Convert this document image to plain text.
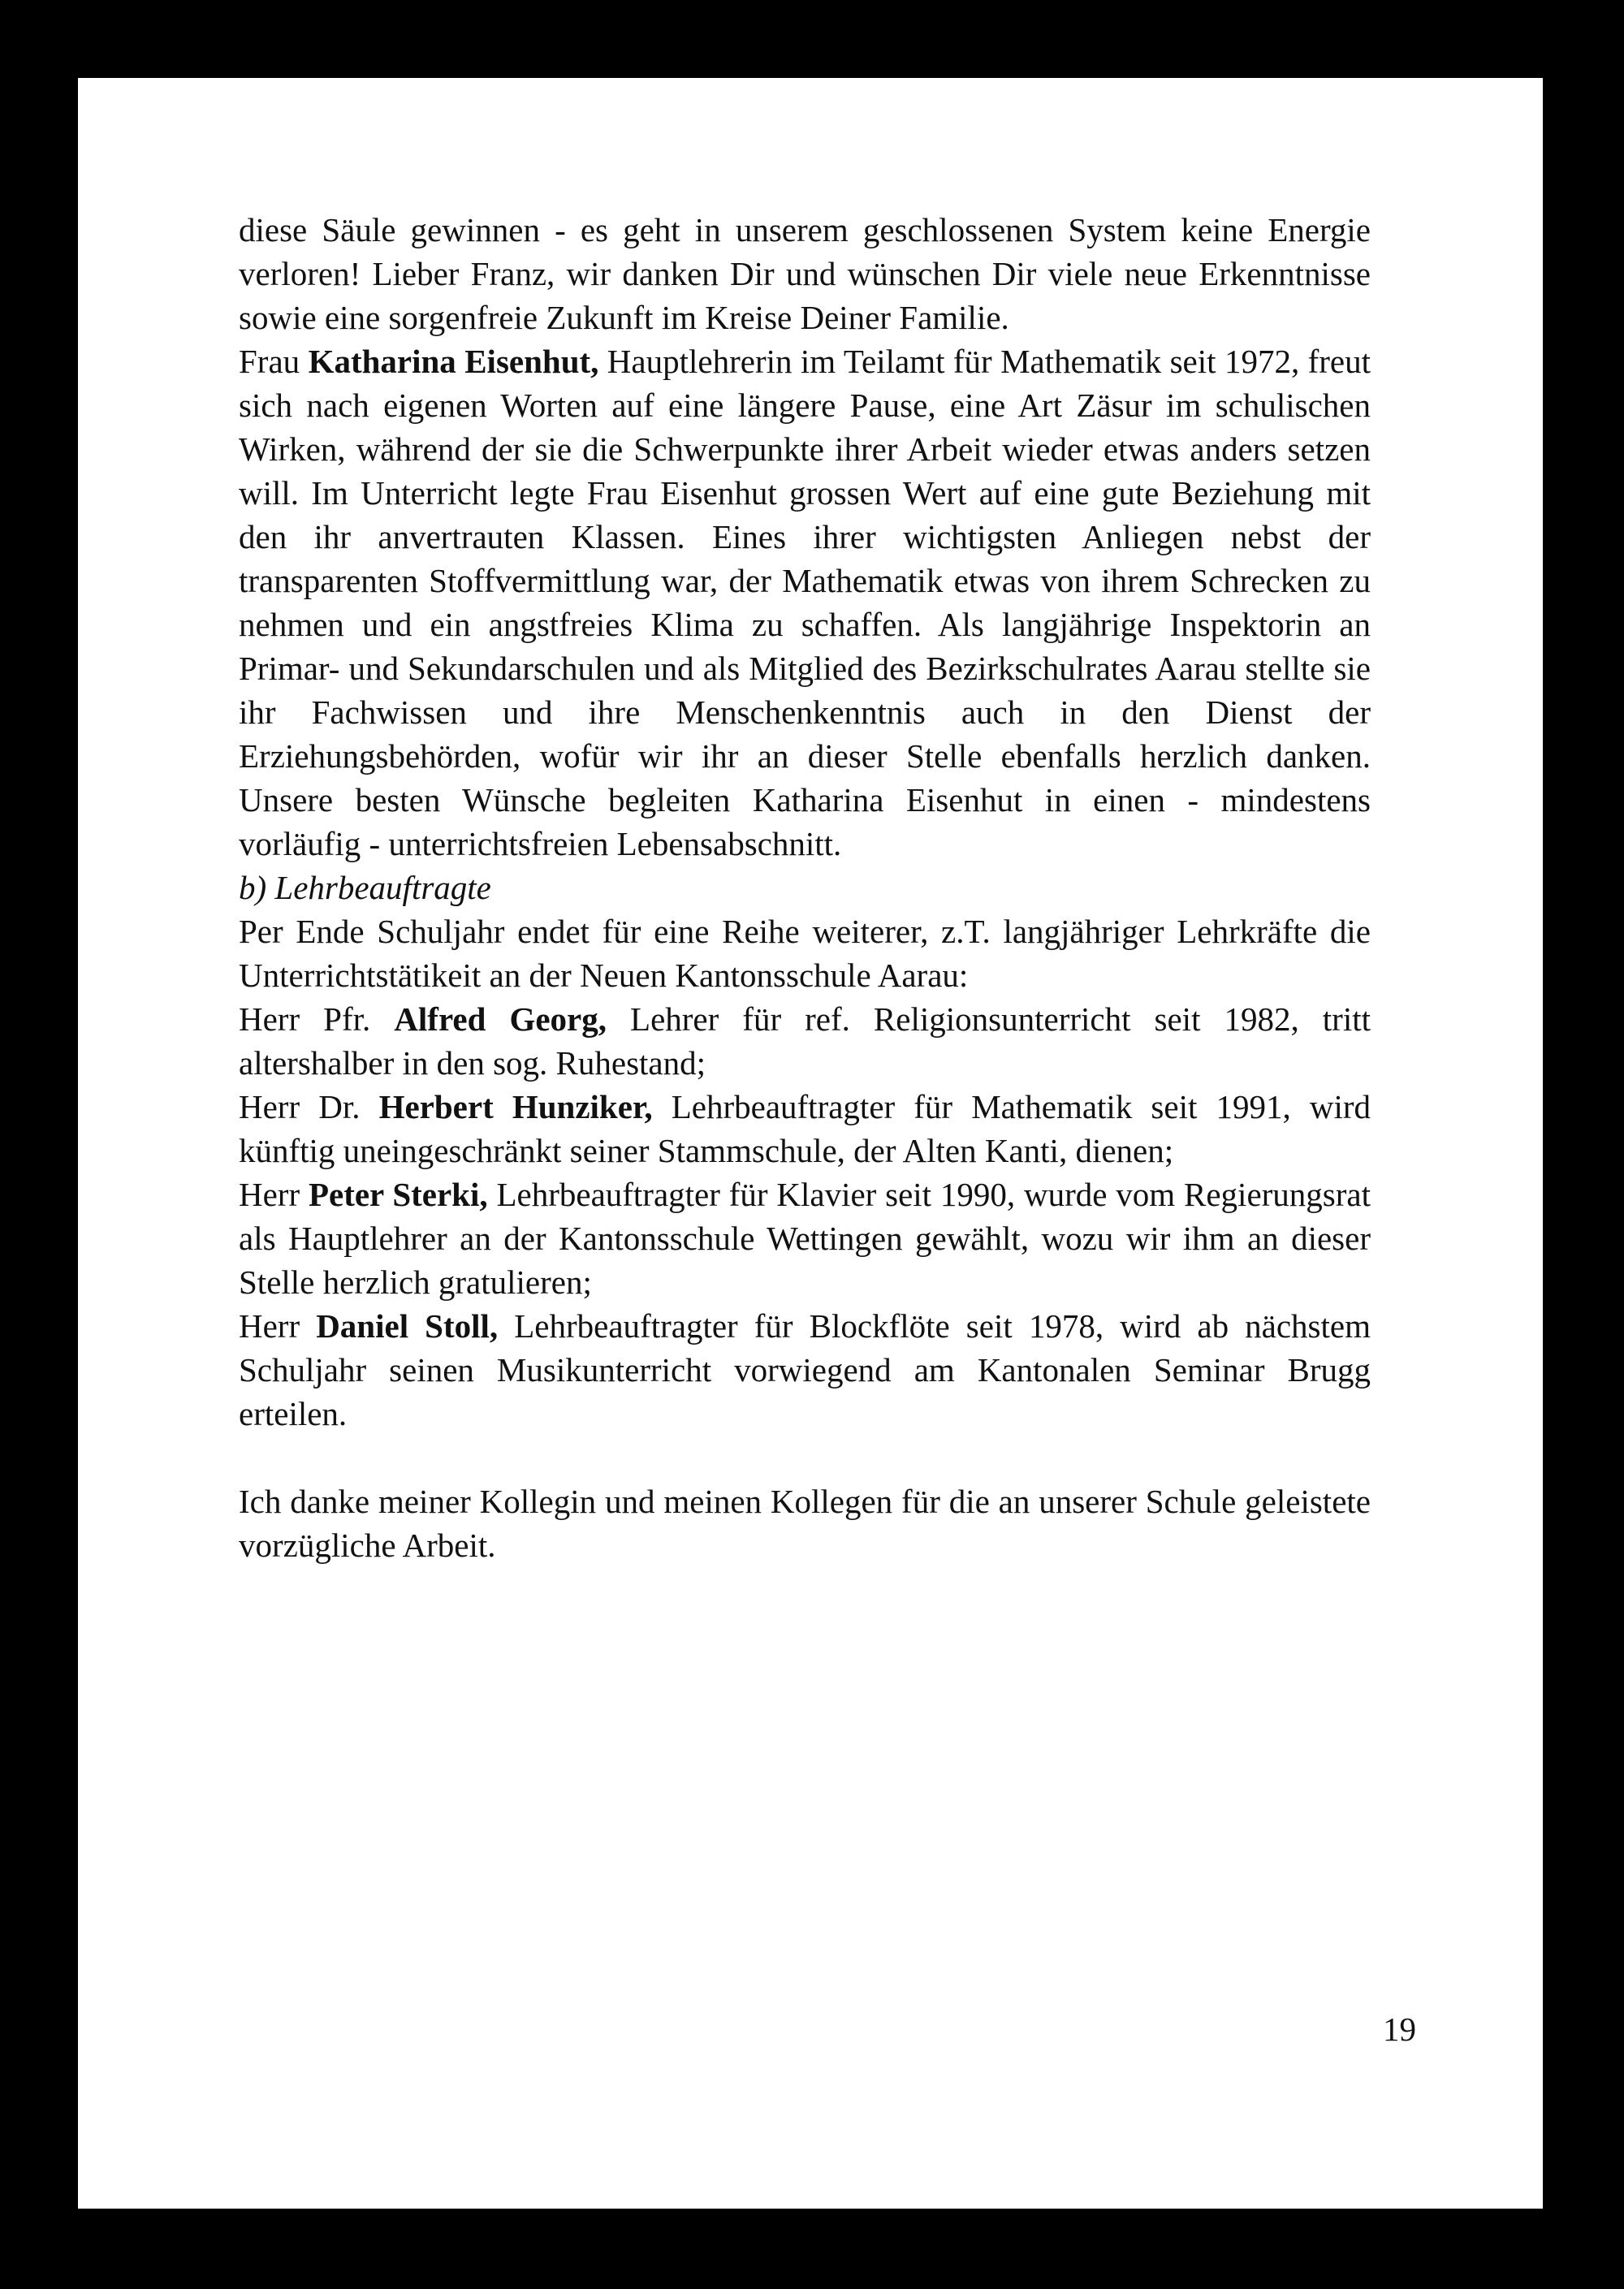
diese Säule gewinnen - es geht in unserem geschlossenen System keine Energie verloren! Lieber Franz, wir danken Dir und wünschen Dir viele neue Erkenntnisse sowie eine sorgenfreie Zukunft im Kreise Deiner Familie.

Frau Katharina Eisenhut, Hauptlehrerin im Teilamt für Mathematik seit 1972, freut sich nach eigenen Worten auf eine längere Pause, eine Art Zäsur im schulischen Wirken, während der sie die Schwerpunkte ihrer Arbeit wieder etwas anders setzen will. Im Unterricht legte Frau Eisenhut grossen Wert auf eine gute Beziehung mit den ihr anvertrauten Klassen. Eines ihrer wichtigsten Anliegen nebst der transparenten Stoffvermittlung war, der Mathematik etwas von ihrem Schrecken zu nehmen und ein angstfreies Klima zu schaffen. Als langjährige Inspektorin an Primar- und Sekundarschulen und als Mitglied des Bezirkschulrates Aarau stellte sie ihr Fachwissen und ihre Menschenkenntnis auch in den Dienst der Erziehungsbehörden, wofür wir ihr an dieser Stelle ebenfalls herzlich danken. Unsere besten Wünsche begleiten Katharina Eisenhut in einen - mindestens vorläufig - unterrichtsfreien Lebensabschnitt.

b) Lehrbeauftragte

Per Ende Schuljahr endet für eine Reihe weiterer, z.T. langjähriger Lehrkräfte die Unterrichtstätikeit an der Neuen Kantonsschule Aarau:

Herr Pfr. Alfred Georg, Lehrer für ref. Religionsunterricht seit 1982, tritt altershalber in den sog. Ruhestand;

Herr Dr. Herbert Hunziker, Lehrbeauftragter für Mathematik seit 1991, wird künftig uneingeschränkt seiner Stammschule, der Alten Kanti, dienen;

Herr Peter Sterki, Lehrbeauftragter für Klavier seit 1990, wurde vom Regierungsrat als Hauptlehrer an der Kantonsschule Wettingen gewählt, wozu wir ihm an dieser Stelle herzlich gratulieren;

Herr Daniel Stoll, Lehrbeauftragter für Blockflöte seit 1978, wird ab nächstem Schuljahr seinen Musikunterricht vorwiegend am Kantonalen Seminar Brugg erteilen.

Ich danke meiner Kollegin und meinen Kollegen für die an unserer Schule geleistete vorzügliche Arbeit.

19
